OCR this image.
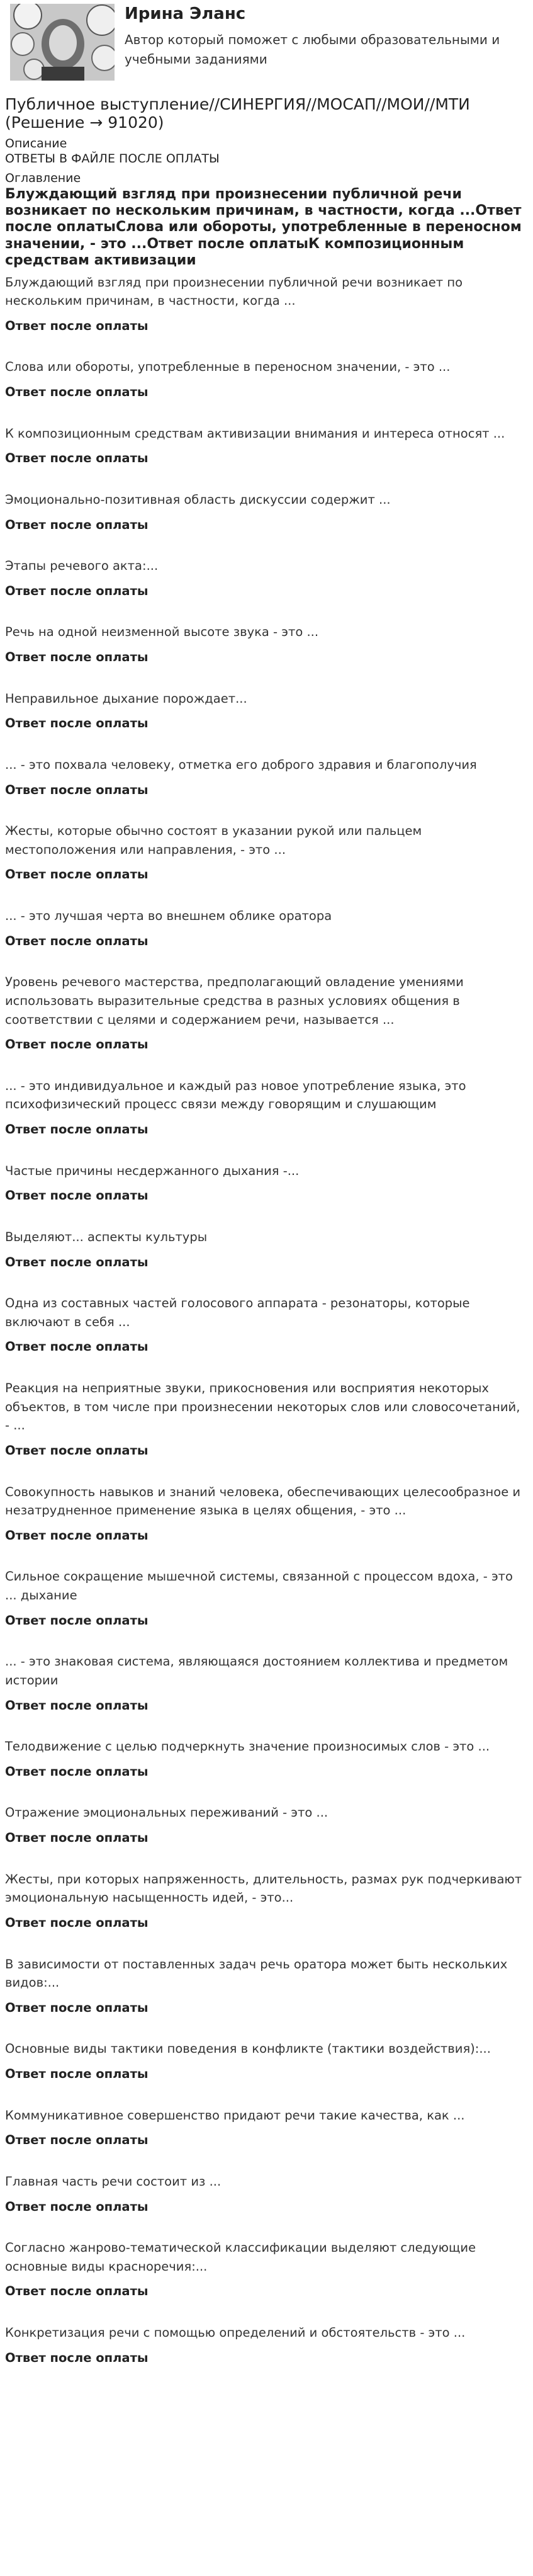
Ирина Эланс

Автор который поможет с любыми образовательными и учебными заданиями

Публичное выступление//СИНЕРГИЯ//МОСАП//МОИ//МТИ (Решение → 91020)

Описание

ОТВЕТЫ В ФАЙЛЕ ПОСЛЕ ОПЛАТЫ

Оглавление

Блуждающий взгляд при произнесении публичной речи возникает по нескольким причинам, в частности, когда ...Ответ после оплатыСлова или обороты, употребленные в переносном значении, - это ...Ответ после оплатыК композиционным средствам активизации

Блуждающий взгляд при произнесении публичной речи возникает по нескольким причинам, в частности, когда ...

Ответ после оплаты

Слова или обороты, употребленные в переносном значении, - это ...

Ответ после оплаты

К композиционным средствам активизации внимания и интереса относят ...

Ответ после оплаты

Эмоционально-позитивная область дискуссии содержит ...

Ответ после оплаты

Этапы речевого акта:...

Ответ после оплаты

Речь на одной неизменной высоте звука - это ...

Ответ после оплаты

Неправильное дыхание порождает...

Ответ после оплаты

... - это похвала человеку, отметка его доброго здравия и благополучия

Ответ после оплаты

Жесты, которые обычно состоят в указании рукой или пальцем местоположения или направления, - это ...

Ответ после оплаты

... - это лучшая черта во внешнем облике оратора

Ответ после оплаты

Уровень речевого мастерства, предполагающий овладение умениями использовать выразительные средства в разных условиях общения в соответствии с целями и содержанием речи, называется ...

Ответ после оплаты

... - это индивидуальное и каждый раз новое употребление языка, это психофизический процесс связи между говорящим и слушающим

Ответ после оплаты

Частые причины несдержанного дыхания -...

Ответ после оплаты

Выделяют... аспекты культуры

Ответ после оплаты

Одна из составных частей голосового аппарата - резонаторы, которые включают в себя ...

Ответ после оплаты

Реакция на неприятные звуки, прикосновения или восприятия некоторых объектов, в том числе при произнесении некоторых слов или словосочетаний, - ...

Ответ после оплаты

Совокупность навыков и знаний человека, обеспечивающих целесообразное и незатрудненное применение языка в целях общения, - это ...

Ответ после оплаты

Сильное сокращение мышечной системы, связанной с процессом вдоха, - это ... дыхание

Ответ после оплаты

... - это знаковая система, являющаяся достоянием коллектива и предметом истории

Ответ после оплаты

Телодвижение с целью подчеркнуть значение произносимых слов - это ...

Ответ после оплаты

Отражение эмоциональных переживаний - это ...

Ответ после оплаты

Жесты, при которых напряженность, длительность, размах рук подчеркивают эмоциональную насыщенность идей, - это...

Ответ после оплаты

В зависимости от поставленных задач речь оратора может быть нескольких видов:...

Ответ после оплаты

Основные виды тактики поведения в конфликте (тактики воздействия):...

Ответ после оплаты

Коммуникативное совершенство придают речи такие качества, как ...

Ответ после оплаты

Главная часть речи состоит из ...

Ответ после оплаты

Согласно жанрово-тематической классификации выделяют следующие основные виды красноречия:...

Ответ после оплаты

Конкретизация речи с помощью определений и обстоятельств - это ...

Ответ после оплаты
